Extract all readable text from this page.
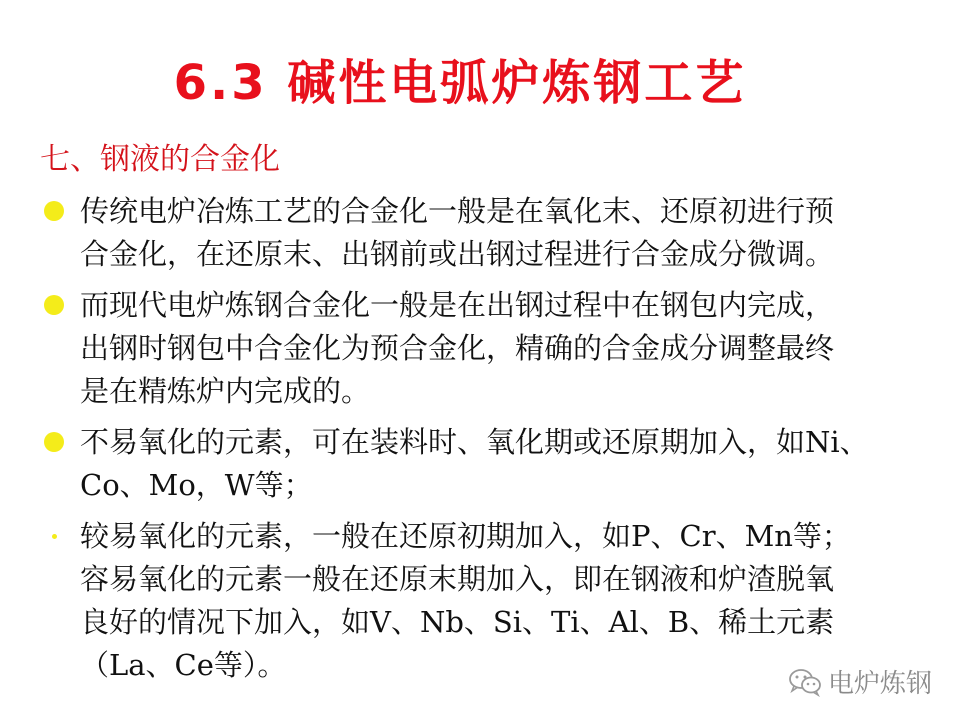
6.3 碱性电弧炉炼钢工艺
七、钢液的合金化
传统电炉冶炼工艺的合金化一般是在氧化末、还原初进行预
合金化，在还原末、出钢前或出钢过程进行合金成分微调。
而现代电炉炼钢合金化一般是在出钢过程中在钢包内完成，
出钢时钢包中合金化为预合金化，精确的合金成分调整最终
是在精炼炉内完成的。
不易氧化的元素，可在装料时、氧化期或还原期加入，如Ni、
Co、Mo，W等；
较易氧化的元素，一般在还原初期加入，如P、Cr、Mn等；
容易氧化的元素一般在还原末期加入，即在钢液和炉渣脱氧
良好的情况下加入，如V、Nb、Si、Ti、Al、B、稀土元素
（La、Ce等）。
电炉炼钢
